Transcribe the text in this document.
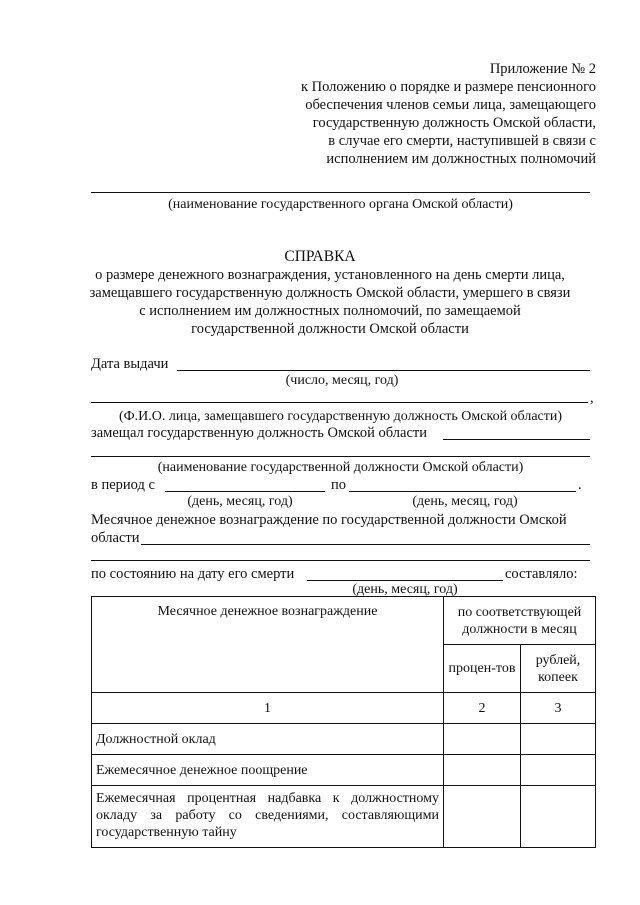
Приложение № 2
к Положению о порядке и размере пенсионного
обеспечения членов семьи лица, замещающего
государственную должность Омской области,
в случае его смерти, наступившей в связи с
исполнением им должностных полномочий
(наименование государственного органа Омской области)
СПРАВКА
о размере денежного вознаграждения, установленного на день смерти лица,
замещавшего государственную должность Омской области, умершего в связи
с исполнением им должностных полномочий, по замещаемой
государственной должности Омской области
Дата выдачи
(число, месяц, год)
,
(Ф.И.О. лица, замещавшего государственную должность Омской области)
замещал государственную должность Омской области
(наименование государственной должности Омской области)
в период с	по	.
(день, месяц, год)	(день, месяц, год)
Месячное денежное вознаграждение по государственной должности Омской
области
по состоянию на дату его смерти	составляло:
(день, месяц, год)
Месячное денежное вознаграждение	по соответствующей должности в месяц	
	процен-тов	рублей, копеек
1	2	3
Должностной оклад		
Ежемесячное денежное поощрение		
Ежемесячная процентная надбавка к должностному окладу за работу со сведениями, составляющими государственную тайну		
